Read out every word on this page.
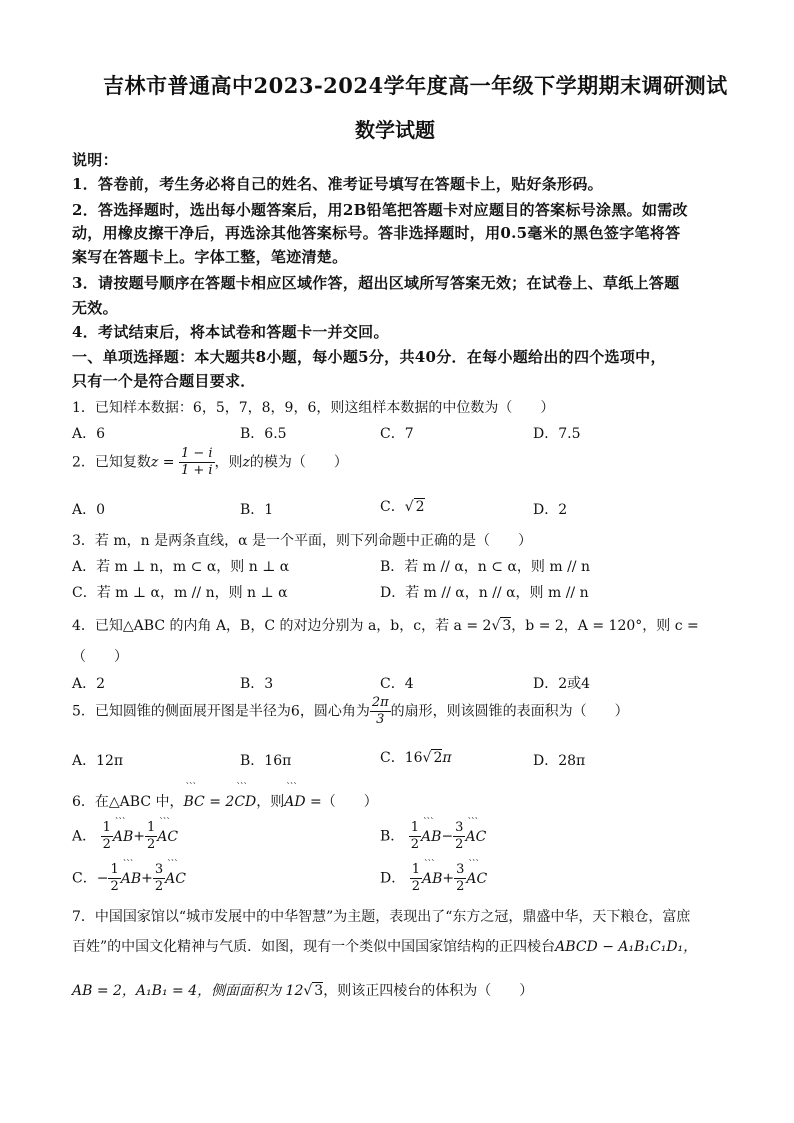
吉林市普通高中2023-2024学年度高一年级下学期期末调研测试
数学试题
说明：
1．答卷前，考生务必将自己的姓名、准考证号填写在答题卡上，贴好条形码。
2．答选择题时，选出每小题答案后，用2B铅笔把答题卡对应题目的答案标号涂黑。如需改
动，用橡皮擦干净后，再选涂其他答案标号。答非选择题时，用0.5毫米的黑色签字笔将答
案写在答题卡上。字体工整，笔迹清楚。
3．请按题号顺序在答题卡相应区域作答，超出区域所写答案无效；在试卷上、草纸上答题
无效。
4．考试结束后，将本试卷和答题卡一并交回。
一、单项选择题：本大题共8小题，每小题5分，共40分．在每小题给出的四个选项中，
只有一个是符合题目要求．
1．已知样本数据：6，5，7，8，9，6，则这组样本数据的中位数为（　　）
A．6	B．6.5	C．7	D．7.5
2．已知复数$z = \frac{1 - i}{1 + i}$ ，则z的模为（　　）
A．0	B．1	C．√ 2	D．2
3．若 m，n 是两条直线，α 是一个平面，则下列命题中正确的是（　　）
A．若 m ⊥ n，m ⊂ α，则 n ⊥ α	B．若 m // α，n ⊂ α，则 m // n
C．若 m ⊥ α，m // n，则 n ⊥ α	D．若 m // α，n // α，则 m // n
4．已知△ABC 的内角 A，B，C 的对边分别为 a，b，c，若 a = 2√ 3，b = 2，A = 120°，则 c =
（　　）
A．2	B．3	C．4	D．2或4
5．已知圆锥的侧面展开图是半径为6，圆心角为 $\frac{2\pi}{3}$ 的扇形，则该圆锥的表面积为（　　）
A．12π	B．16π	C．16√ 2π	D．28π
6．在△ABC 中，``` BC = 2``` CD，则``` AD =（　　）
A． $\frac{1}{2}$ ``` $AB+ \frac{1}{2}$ ``` AC	B． $\frac{1}{2}$ ``` $AB- \frac{3}{2}$ ``` AC
C．− $\frac{1}{2}$ ``` $AB+ \frac{3}{2}$ ``` AC	D． $\frac{1}{2}$ ``` $AB+ \frac{3}{2}$ ``` AC
7．中国国家馆以“城市发展中的中华智慧”为主题，表现出了“东方之冠，鼎盛中华，天下粮仓，富庶
百姓”的中国文化精神与气质．如图，现有一个类似中国国家馆结构的正四棱台ABCD − A₁B₁C₁D₁，
AB = 2，A₁B₁ = 4，侧面面积为 12√ 3，则该正四棱台的体积为（　　）
